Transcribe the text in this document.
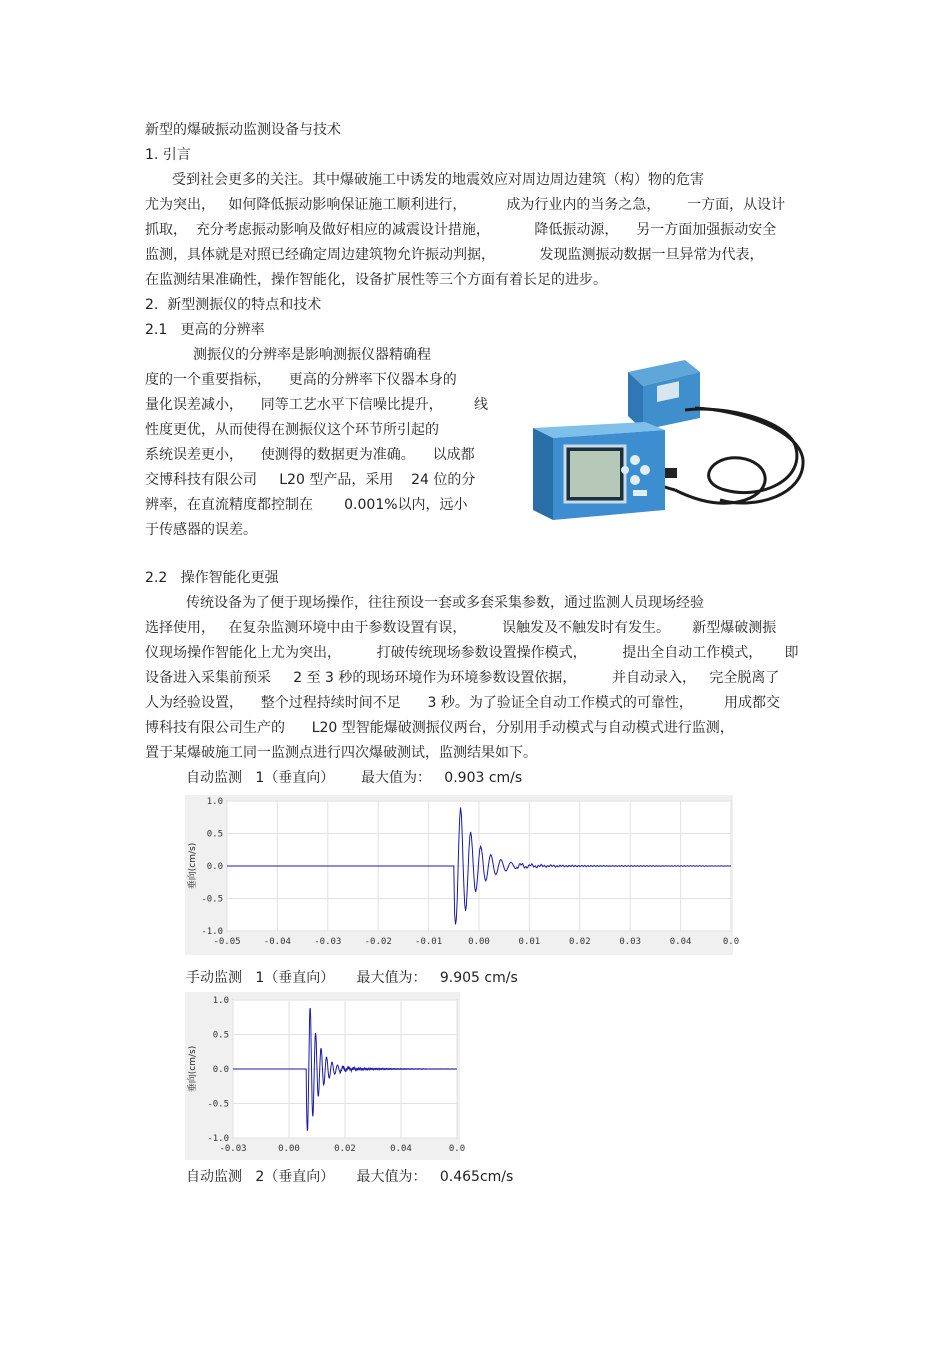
新型的爆破振动监测设备与技术

1. 引言

受到社会更多的关注。其中爆破施工中诱发的地震效应对周边周边建筑（构）物的危害

尤为突出，   如何降低振动影响保证施工顺利进行，         成为行业内的当务之急，      一方面，从设计

抓取，  充分考虑振动影响及做好相应的减震设计措施，          降低振动源，    另一方面加强振动安全

监测，具体就是对照已经确定周边建筑物允许振动判据，          发现监测振动数据一旦异常为代表，

在监测结果准确性，操作智能化，设备扩展性等三个方面有着长足的进步。

2.  新型测振仪的特点和技术

2.1   更高的分辨率

测振仪的分辨率是影响测振仪器精确程

度的一个重要指标，    更高的分辨率下仪器本身的

量化误差减小，    同等工艺水平下信噪比提升，       线

性度更优，从而使得在测振仪这个环节所引起的

系统误差更小，    使测得的数据更为准确。    以成都

交博科技有限公司     L20 型产品，采用    24 位的分

辨率，在直流精度都控制在       0.001%以内，远小

于传感器的误差。

2.2   操作智能化更强

传统设备为了便于现场操作，往往预设一套或多套采集参数，通过监测人员现场经验

选择使用，   在复杂监测环境中由于参数设置有误，        误触发及不触发时有发生。     新型爆破测振

仪现场操作智能化上尤为突出，        打破传统现场参数设置操作模式，        提出全自动工作模式，     即

设备进入采集前预采     2 至 3 秒的现场环境作为环境参数设置依据，        并自动录入，   完全脱离了

人为经验设置，    整个过程持续时间不足      3 秒。为了验证全自动工作模式的可靠性，       用成都交

博科技有限公司生产的      L20 型智能爆破测振仪两台，分别用手动模式与自动模式进行监测，

置于某爆破施工同一监测点进行四次爆破测试，监测结果如下。

自动监测   1（垂直向）      最大值为：   0.903 cm/s

-0.05	-0.04	-0.03	-0.02	-0.01	0.00	0.01	0.02	0.03	0.04	0.0
1.0
0.5
0.0
-0.5
-1.0
垂向(cm/s)

手动监测   1（垂直向）     最大值为：   9.905 cm/s

-0.03	0.00	0.02	0.04	0.0
1.0
0.5
0.0
-0.5
-1.0
垂向(cm/s)

自动监测   2（垂直向）     最大值为：   0.465cm/s
